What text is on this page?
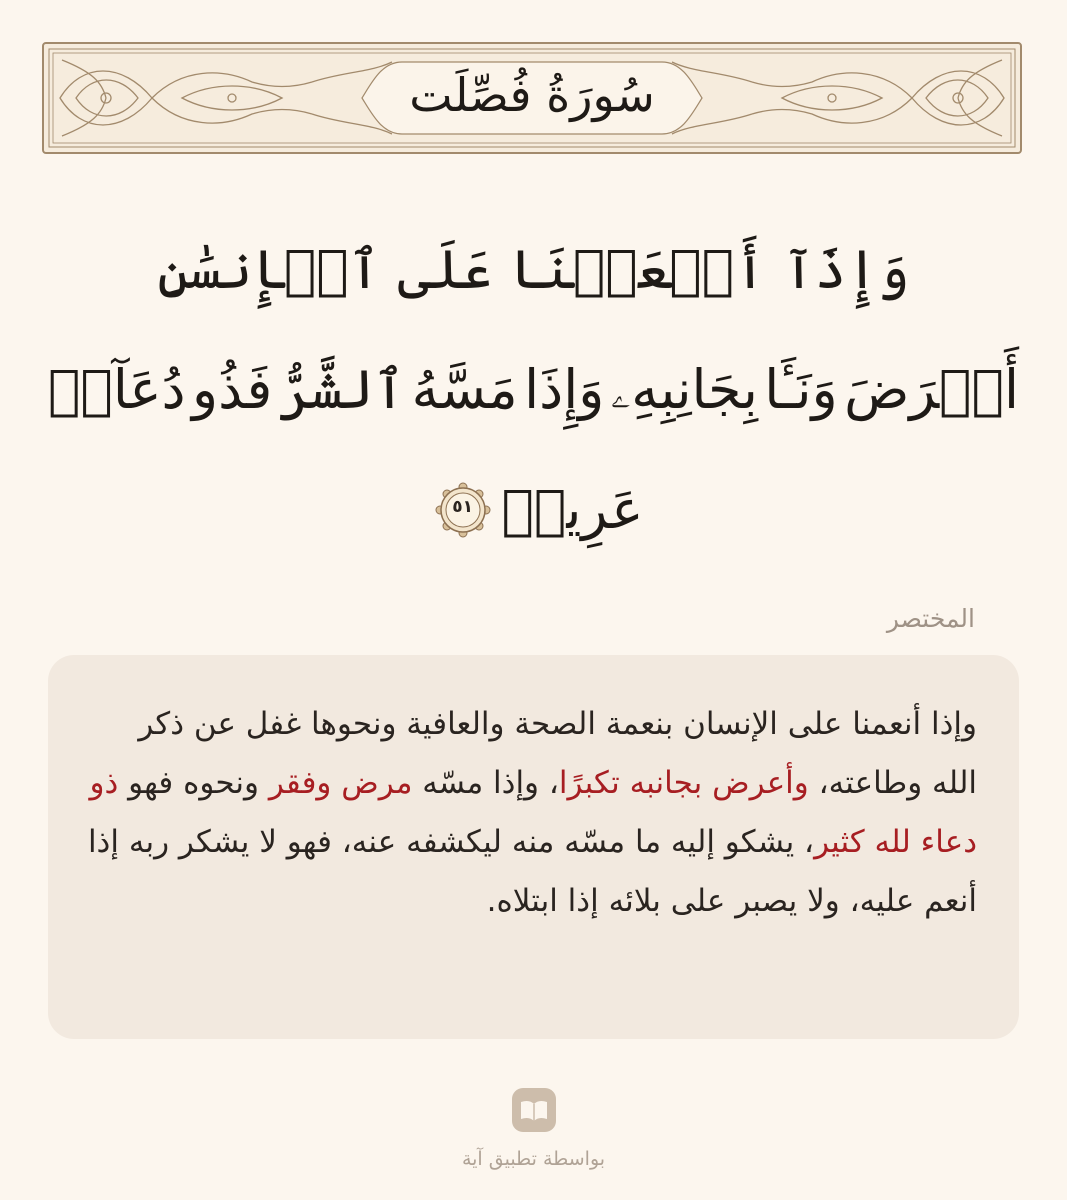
سُورَةُ فُصِّلَت
وَإِذَآ أَنۡعَمۡنَا عَلَى ٱلۡإِنسَٰنِ
أَعۡرَضَ
وَنَـَٔا
بِجَانِبِهِۦ
وَإِذَا
مَسَّهُ
ٱلشَّرُّ
فَذُو
دُعَآءٖ
عَرِيضٖ
٥١
المختصر
وإذا أنعمنا على الإنسان بنعمة الصحة والعافية ونحوها غفل عن ذكر الله وطاعته، وأعرض بجانبه تكبرًا، وإذا مسّه مرض وفقر ونحوه فهو ذو دعاء لله كثير، يشكو إليه ما مسّه منه ليكشفه عنه، فهو لا يشكر ربه إذا أنعم عليه، ولا يصبر على بلائه إذا ابتلاه.
بواسطة تطبيق آية
